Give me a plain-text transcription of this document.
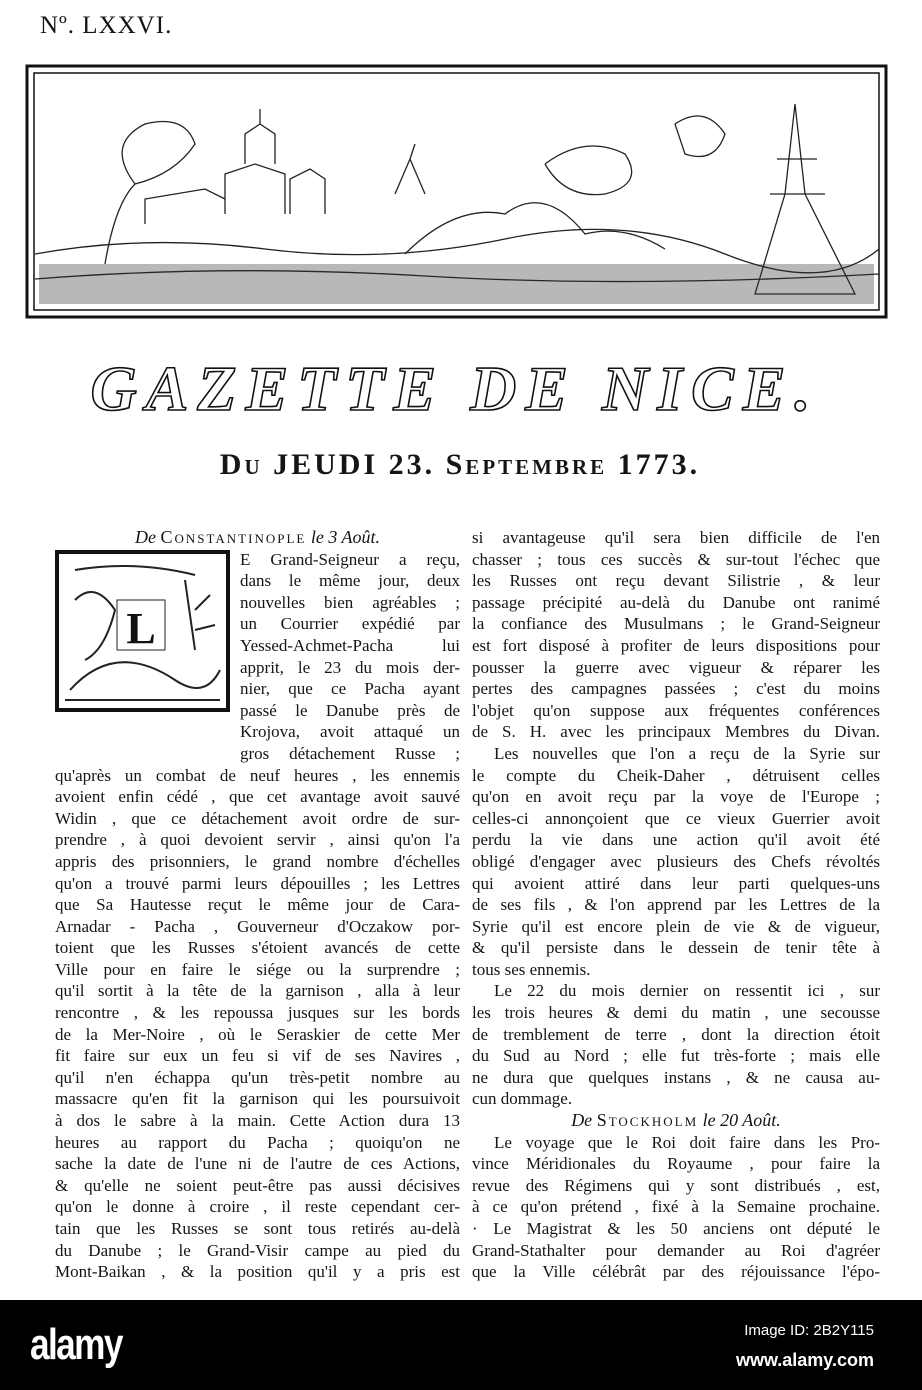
Nº. LXXVI.
GAZETTE DE NICE.
Du JEUDI 23. Septembre 1773.
L
De Constantinople le 3 Août.
E Grand-Seigneur a reçu,
dans le même jour, deux
nouvelles bien agréables ;
un Courrier expédié par
Yessed-Achmet-Pacha lui
apprit, le 23 du mois der-
nier, que ce Pacha ayant
passé le Danube près de
Krojova, avoit attaqué un
gros détachement Russe ;
qu'après un combat de neuf heures , les ennemis
avoient enfin cédé , que cet avantage avoit sauvé
Widin , que ce détachement avoit ordre de sur-
prendre , à quoi devoient servir , ainsi qu'on l'a
appris des prisonniers, le grand nombre d'échelles
qu'on a trouvé parmi leurs dépouilles ; les Lettres
que Sa Hautesse reçut le même jour de Cara-
Arnadar - Pacha , Gouverneur d'Oczakow por-
toient que les Russes s'étoient avancés de cette
Ville pour en faire le siége ou la surprendre ;
qu'il sortit à la tête de la garnison , alla à leur
rencontre , & les repoussa jusques sur les bords
de la Mer-Noire , où le Seraskier de cette Mer
fit faire sur eux un feu si vif de ses Navires ,
qu'il n'en échappa qu'un très-petit nombre au
massacre qu'en fit la garnison qui les poursuivoit
à dos le sabre à la main. Cette Action dura 13
heures au rapport du Pacha ; quoiqu'on ne
sache la date de l'une ni de l'autre de ces Actions,
& qu'elle ne soient peut-être pas aussi décisives
qu'on le donne à croire , il reste cependant cer-
tain que les Russes se sont tous retirés au-delà
du Danube ; le Grand-Visir campe au pied du
Mont-Baikan , & la position qu'il y a pris est
si avantageuse qu'il sera bien difficile de l'en
chasser ; tous ces succès & sur-tout l'échec que
les Russes ont reçu devant Silistrie , & leur
passage précipité au-delà du Danube ont ranimé
la confiance des Musulmans ; le Grand-Seigneur
est fort disposé à profiter de leurs dispositions pour
pousser la guerre avec vigueur & réparer les
pertes des campagnes passées ; c'est du moins
l'objet qu'on suppose aux fréquentes conférences
de S. H. avec les principaux Membres du Divan.
Les nouvelles que l'on a reçu de la Syrie sur
le compte du Cheik-Daher , détruisent celles
qu'on en avoit reçu par la voye de l'Europe ;
celles-ci annonçoient que ce vieux Guerrier avoit
perdu la vie dans une action qu'il avoit été
obligé d'engager avec plusieurs des Chefs révoltés
qui avoient attiré dans leur parti quelques-uns
de ses fils , & l'on apprend par les Lettres de la
Syrie qu'il est encore plein de vie & de vigueur,
& qu'il persiste dans le dessein de tenir tête à
tous ses ennemis.
Le 22 du mois dernier on ressentit ici , sur
les trois heures & demi du matin , une secousse
de tremblement de terre , dont la direction étoit
du Sud au Nord ; elle fut très-forte ; mais elle
ne dura que quelques instans , & ne causa au-
cun dommage.
De Stockholm le 20 Août.
Le voyage que le Roi doit faire dans les Pro-
vince Méridionales du Royaume , pour faire la
revue des Régimens qui y sont distribués , est,
à ce qu'on prétend , fixé à la Semaine prochaine.
· Le Magistrat & les 50 anciens ont député le
Grand-Stathalter pour demander au Roi d'agréer
que la Ville célébrât par des réjouissance l'épo-
alamy	Image ID: 2B2Y115
www.alamy.com
